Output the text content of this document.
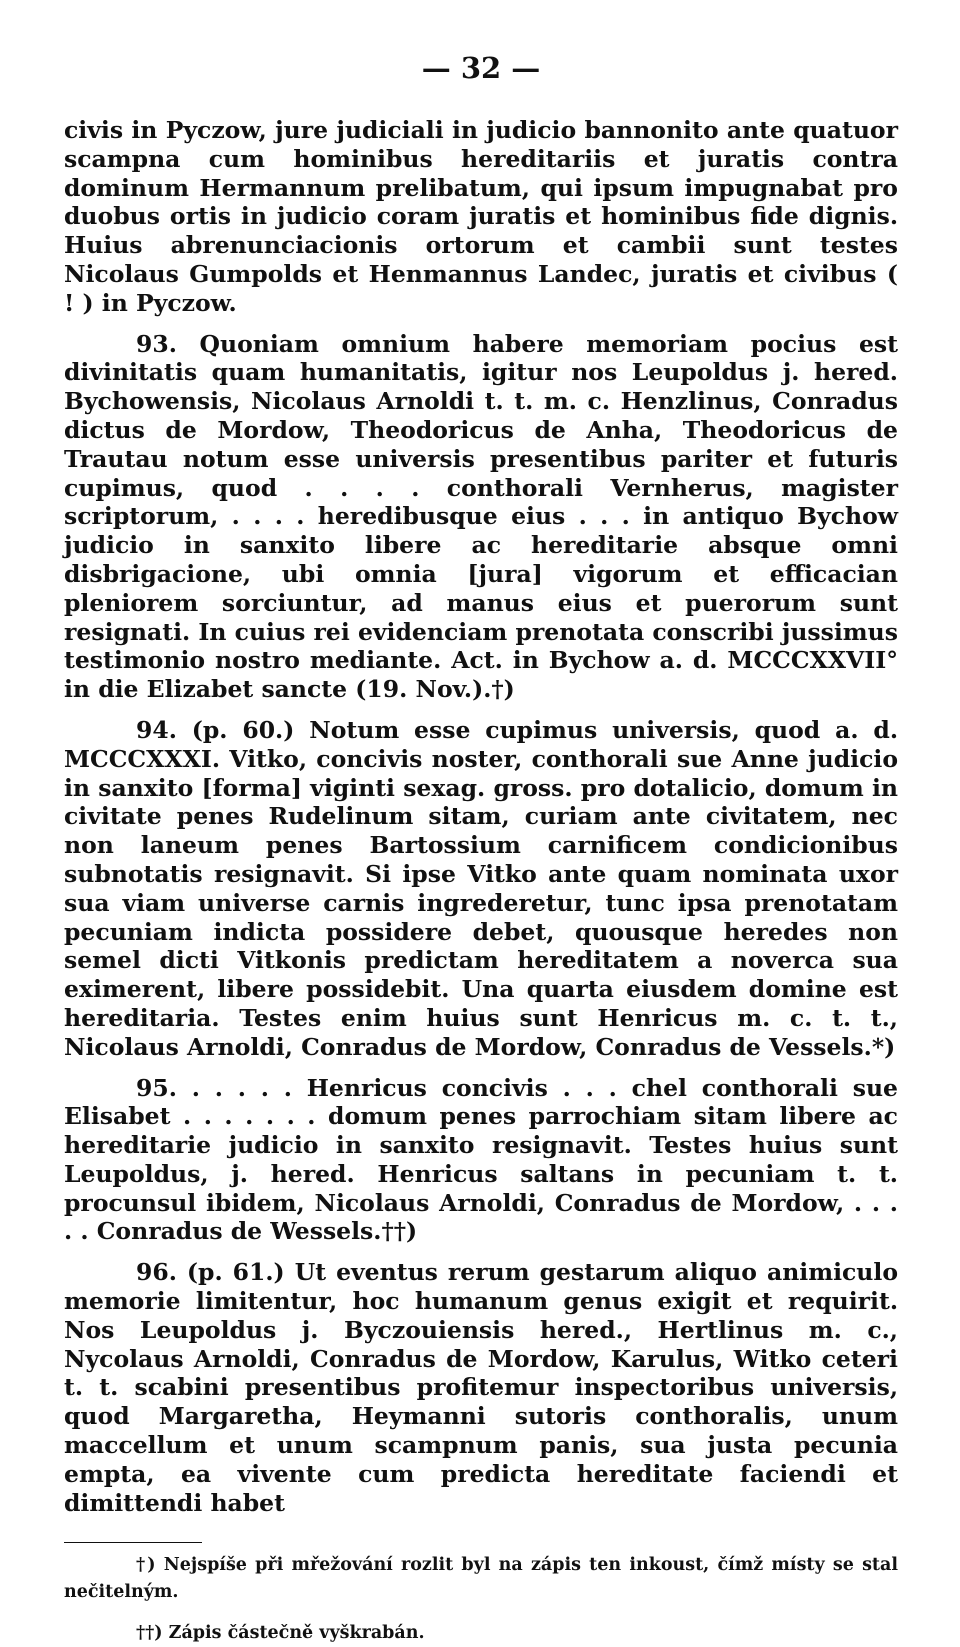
— 32 —

civis in Pyczow, jure judiciali in judicio bannonito ante quatuor scampna cum hominibus hereditariis et juratis contra dominum Hermannum prelibatum, qui ipsum impugnabat pro duobus ortis in judicio coram juratis et hominibus fide dignis. Huius abrenunciacionis ortorum et cambii sunt testes Nicolaus Gumpolds et Henmannus Landec, juratis et civibus ( ! ) in Pyczow.

93. Quoniam omnium habere memoriam pocius est divinitatis quam humanitatis, igitur nos Leupoldus j. hered. Bychowensis, Nicolaus Arnoldi t. t. m. c. Henzlinus, Conradus dictus de Mordow, Theodoricus de Anha, Theodoricus de Trautau notum esse universis presentibus pariter et futuris cupimus, quod . . . . conthorali Vernherus, magister scriptorum, . . . . heredibusque eius . . . in antiquo Bychow judicio in sanxito libere ac hereditarie absque omni disbrigacione, ubi omnia [jura] vigorum et efficacian pleniorem sorciuntur, ad manus eius et puerorum sunt resignati. In cuius rei evidenciam prenotata conscribi jussimus testimonio nostro mediante. Act. in Bychow a. d. MCCCXXVII° in die Elizabet sancte (19. Nov.).†)

94. (p. 60.) Notum esse cupimus universis, quod a. d. MCCCXXXI. Vitko, concivis noster, conthorali sue Anne judicio in sanxito [forma] viginti sexag. gross. pro dotalicio, domum in civitate penes Rudelinum sitam, curiam ante civitatem, nec non laneum penes Bartossium carnificem condicionibus subnotatis resignavit. Si ipse Vitko ante quam nominata uxor sua viam universe carnis ingrederetur, tunc ipsa prenotatam pecuniam indicta possidere debet, quousque heredes non semel dicti Vitkonis predictam hereditatem a noverca sua eximerent, libere possidebit. Una quarta eiusdem domine est hereditaria. Testes enim huius sunt Henricus m. c. t. t., Nicolaus Arnoldi, Conradus de Mordow, Conradus de Vessels.*)

95. . . . . . Henricus concivis . . . chel conthorali sue Elisabet . . . . . . . domum penes parrochiam sitam libere ac hereditarie judicio in sanxito resignavit. Testes huius sunt Leupoldus, j. hered. Henricus saltans in pecuniam t. t. procunsul ibidem, Nicolaus Arnoldi, Conradus de Mordow, . . . . . Conradus de Wessels.††)

96. (p. 61.) Ut eventus rerum gestarum aliquo animiculo memorie limitentur, hoc humanum genus exigit et requirit. Nos Leupoldus j. Byczouiensis hered., Hertlinus m. c., Nycolaus Arnoldi, Conradus de Mordow, Karulus, Witko ceteri t. t. scabini presentibus profitemur inspectoribus universis, quod Margaretha, Heymanni sutoris conthoralis, unum maccellum et unum scampnum panis, sua justa pecunia empta, ea vivente cum predicta hereditate faciendi et dimittendi habet

†) Nejspíše při mřežování rozlit byl na zápis ten inkoust, čímž místy se stal nečitelným.

††) Zápis částečně vyškrabán.
